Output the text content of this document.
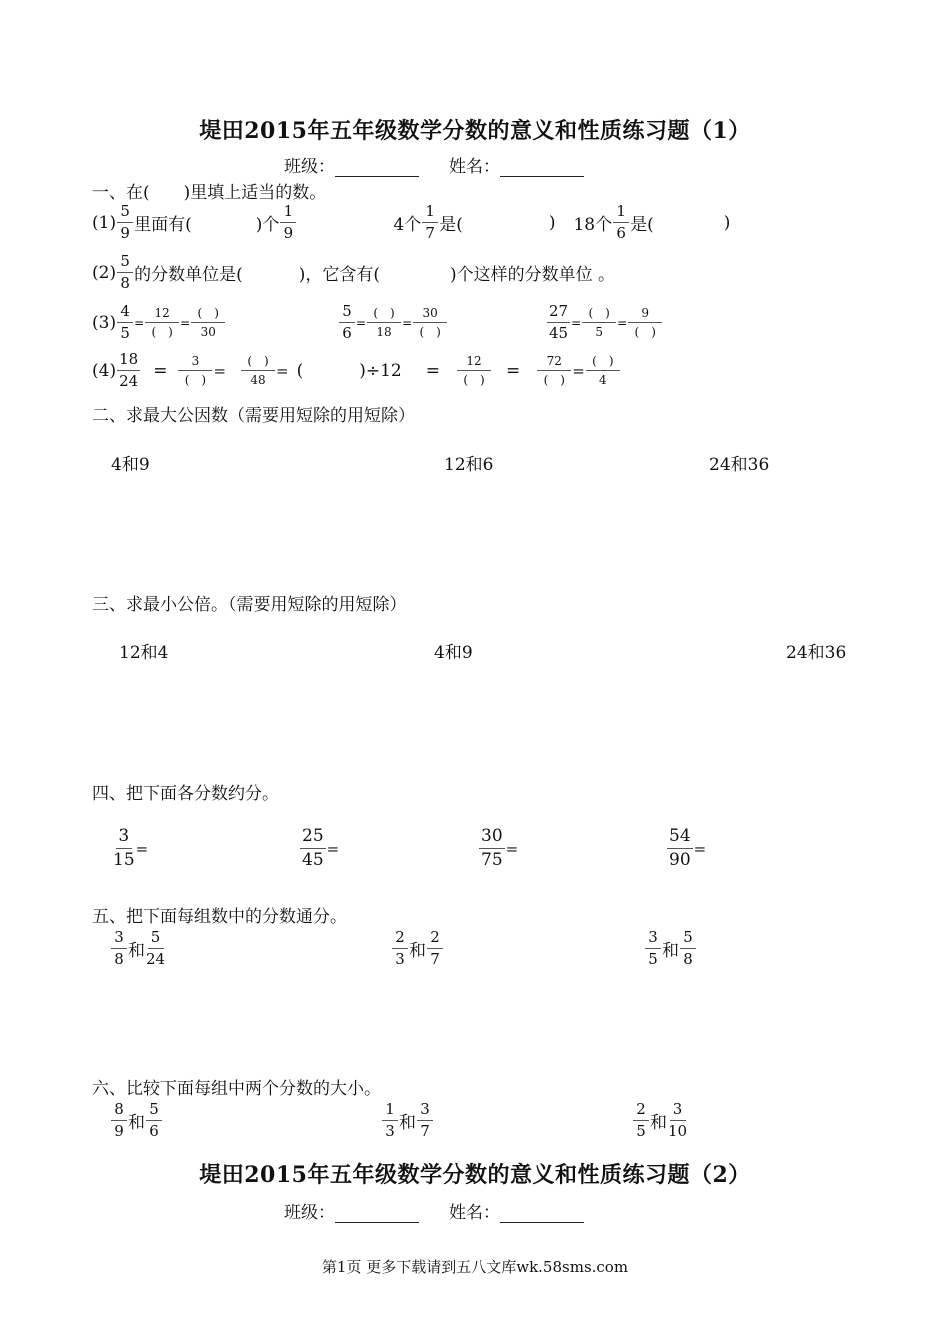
堤田2015年五年级数学分数的意义和性质练习题（1）
班级：	姓名：
一、在(　　)里填上适当的数。
(1)
5
9 里面有(	)个
1
9	4个
1
7 是(	) 18个
1
6 是(	)
(2)
5
8 的分数单位是(	)，它含有(	)个这样的分数单位 。
$(3) \frac{4}{5}$ =
12
(　)
=
(　)
30	$\frac{5}{6}$ =
(　)
18
=
30
(　)	$\frac{27}{45}$ =
(　)
5
=
9
(　)
(4)
18
24
=	3
(　)
=
(　)
48
= (	)÷12 =	12
(　) =	72
(　)
=
(　)
4
二、求最大公因数（需要用短除的用短除）
4和9	12和6	24和36
三、求最小公倍。（需要用短除的用短除）
12和4	4和9	24和36
四、把下面各分数约分。
$\frac{3}{15}$ =	$\frac{25}{45}$ =	$\frac{30}{75}$ =	$\frac{54}{90}$ =
五、把下面每组数中的分数通分。
3
8 和
5
24
2
3 和
2
7
3
5 和
5
8
六、比较下面每组中两个分数的大小。
8
9 和
5
6
1
3 和
3
7
2
5 和
3
10
堤田2015年五年级数学分数的意义和性质练习题（2）
班级：	姓名：
第1页 更多下载请到五八文库wk.58sms.com
